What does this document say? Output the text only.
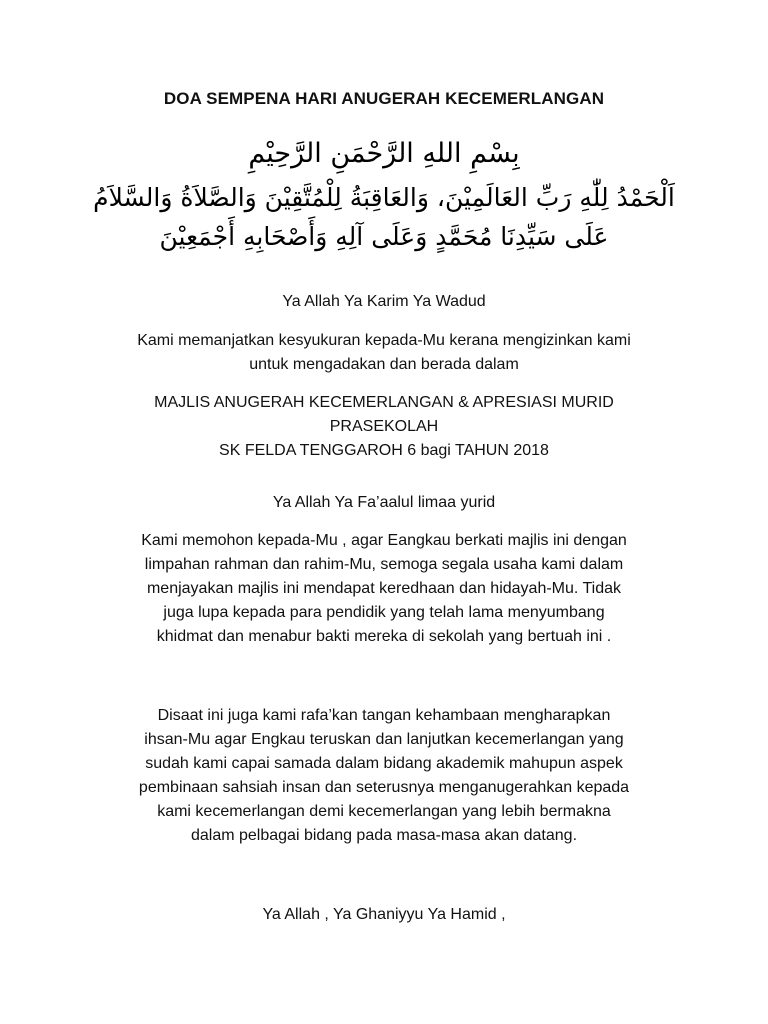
DOA SEMPENA HARI ANUGERAH KECEMERLANGAN
بِسْمِ اللهِ الرَّحْمَنِ الرَّحِيْمِ
اَلْحَمْدُ لِلّٰهِ رَبِّ العَالَمِيْنَ، وَالعَاقِبَةُ لِلْمُتَّقِيْنَ وَالصَّلاَةُ وَالسَّلاَمُ
عَلَى سَيِّدِنَا مُحَمَّدٍ وَعَلَى آلِهِ وَأَصْحَابِهِ أَجْمَعِيْنَ
Ya Allah Ya Karim Ya Wadud
Kami memanjatkan kesyukuran kepada-Mu kerana mengizinkan kami
untuk mengadakan dan berada dalam
MAJLIS ANUGERAH KECEMERLANGAN & APRESIASI MURID
PRASEKOLAH
SK FELDA TENGGAROH 6 bagi TAHUN 2018
Ya Allah Ya Fa’aalul limaa yurid
Kami memohon kepada-Mu , agar Eangkau berkati majlis ini dengan
limpahan rahman dan rahim-Mu, semoga segala usaha kami dalam
menjayakan majlis ini mendapat keredhaan dan hidayah-Mu. Tidak
juga lupa kepada para pendidik yang telah lama menyumbang
khidmat dan menabur bakti mereka di sekolah yang bertuah ini .
Disaat ini juga kami rafa’kan tangan kehambaan mengharapkan
ihsan-Mu agar Engkau teruskan dan lanjutkan kecemerlangan yang
sudah kami capai samada dalam bidang akademik mahupun aspek
pembinaan sahsiah insan dan seterusnya menganugerahkan kepada
kami kecemerlangan demi kecemerlangan yang lebih bermakna
dalam pelbagai bidang pada masa-masa akan datang.
Ya Allah , Ya Ghaniyyu Ya Hamid ,
